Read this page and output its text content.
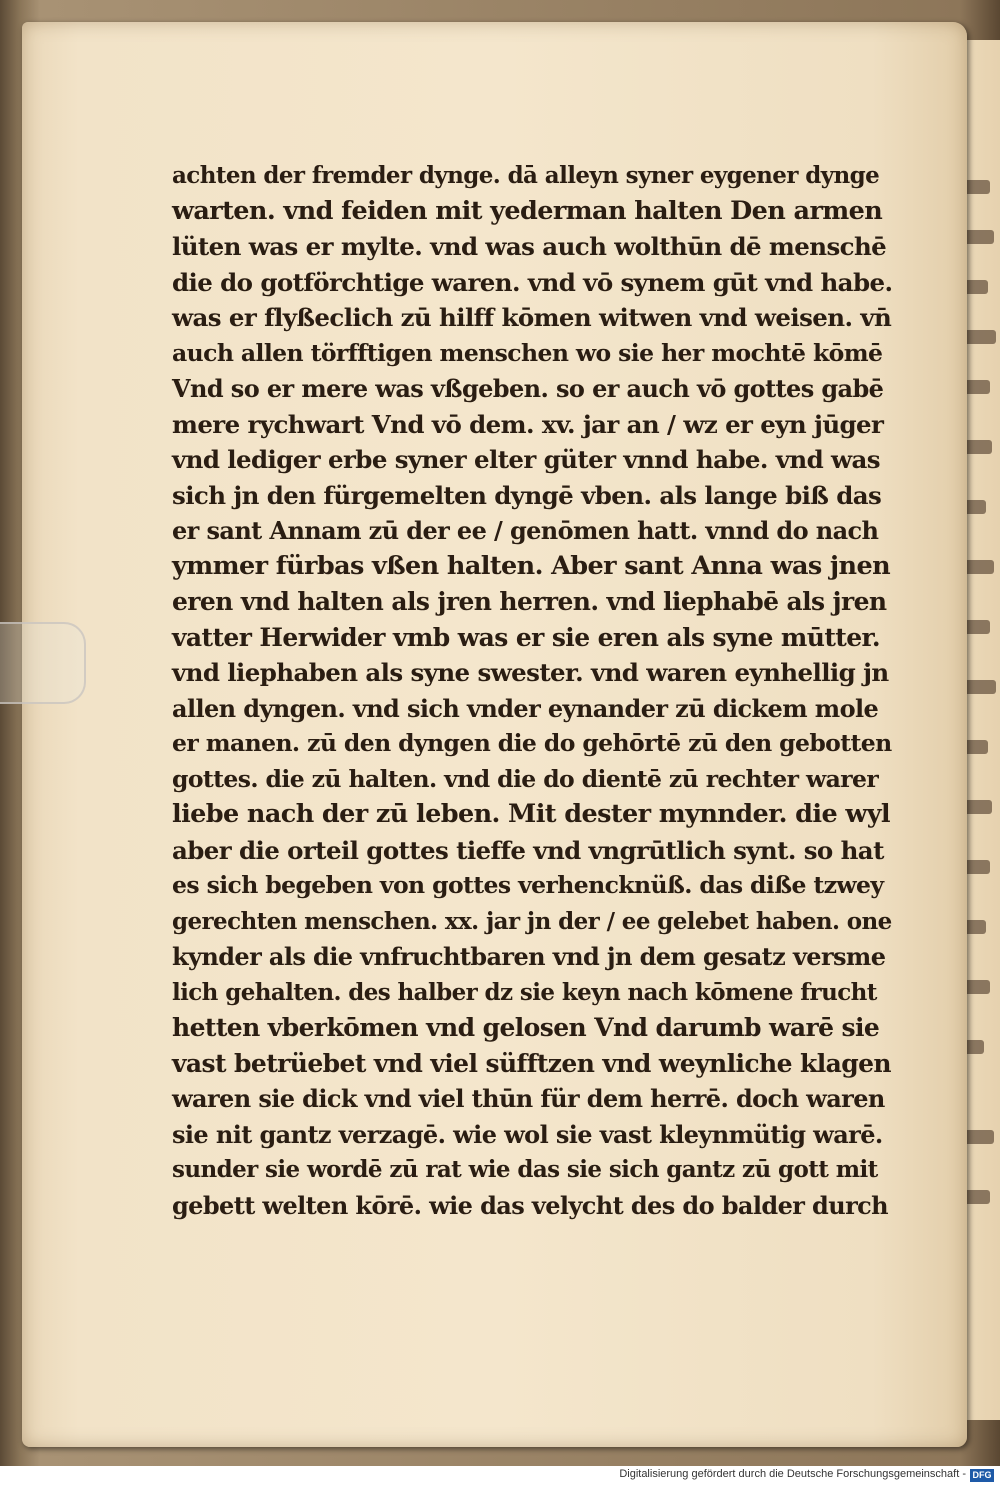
achten der fremder dynge. dā alleyn syner eygener dynge
warten. vnd feiden mit yederman halten Den armen
lüten was er mylte. vnd was auch wolthūn dē menschē
die do gotförchtige waren. vnd vō synem gūt vnd habe.
was er flyßeclich zū hilff kōmen witwen vnd weisen. vn̄
auch allen törfftigen menschen wo sie her mochtē kōmē
Vnd so er mere was vßgeben. so er auch vō gottes gabē
mere rychwart Vnd vō dem. xv. jar an / wz er eyn jūger
vnd lediger erbe syner elter güter vnnd habe. vnd was
sich jn den fürgemelten dyngē vben. als lange biß das
er sant Annam zū der ee / genōmen hatt. vnnd do nach
ymmer fürbas vßen halten. Aber sant Anna was jnen
eren vnd halten als jren herren. vnd liephabē als jren
vatter Herwider vmb was er sie eren als syne mūtter.
vnd liephaben als syne swester. vnd waren eynhellig jn
allen dyngen. vnd sich vnder eynander zū dickem mole
er manen. zū den dyngen die do gehōrtē zū den gebotten
gottes. die zū halten. vnd die do dientē zū rechter warer
liebe nach der zū leben. Mit dester mynnder. die wyl
aber die orteil gottes tieffe vnd vngrūtlich synt. so hat
es sich begeben von gottes verhencknüß. das diße tzwey
gerechten menschen. xx. jar jn der / ee gelebet haben. one
kynder als die vnfruchtbaren vnd jn dem gesatz versme
lich gehalten. des halber dz sie keyn nach kōmene frucht
hetten vberkōmen vnd gelosen Vnd darumb warē sie
vast betrüebet vnd viel süfftzen vnd weynliche klagen
waren sie dick vnd viel thūn für dem herrē. doch waren
sie nit gantz verzagē. wie wol sie vast kleynmütig warē.
sunder sie wordē zū rat wie das sie sich gantz zū gott mit
gebett welten kōrē. wie das velycht des do balder durch
Digitalisierung gefördert durch die Deutsche Forschungsgemeinschaft - DFG
